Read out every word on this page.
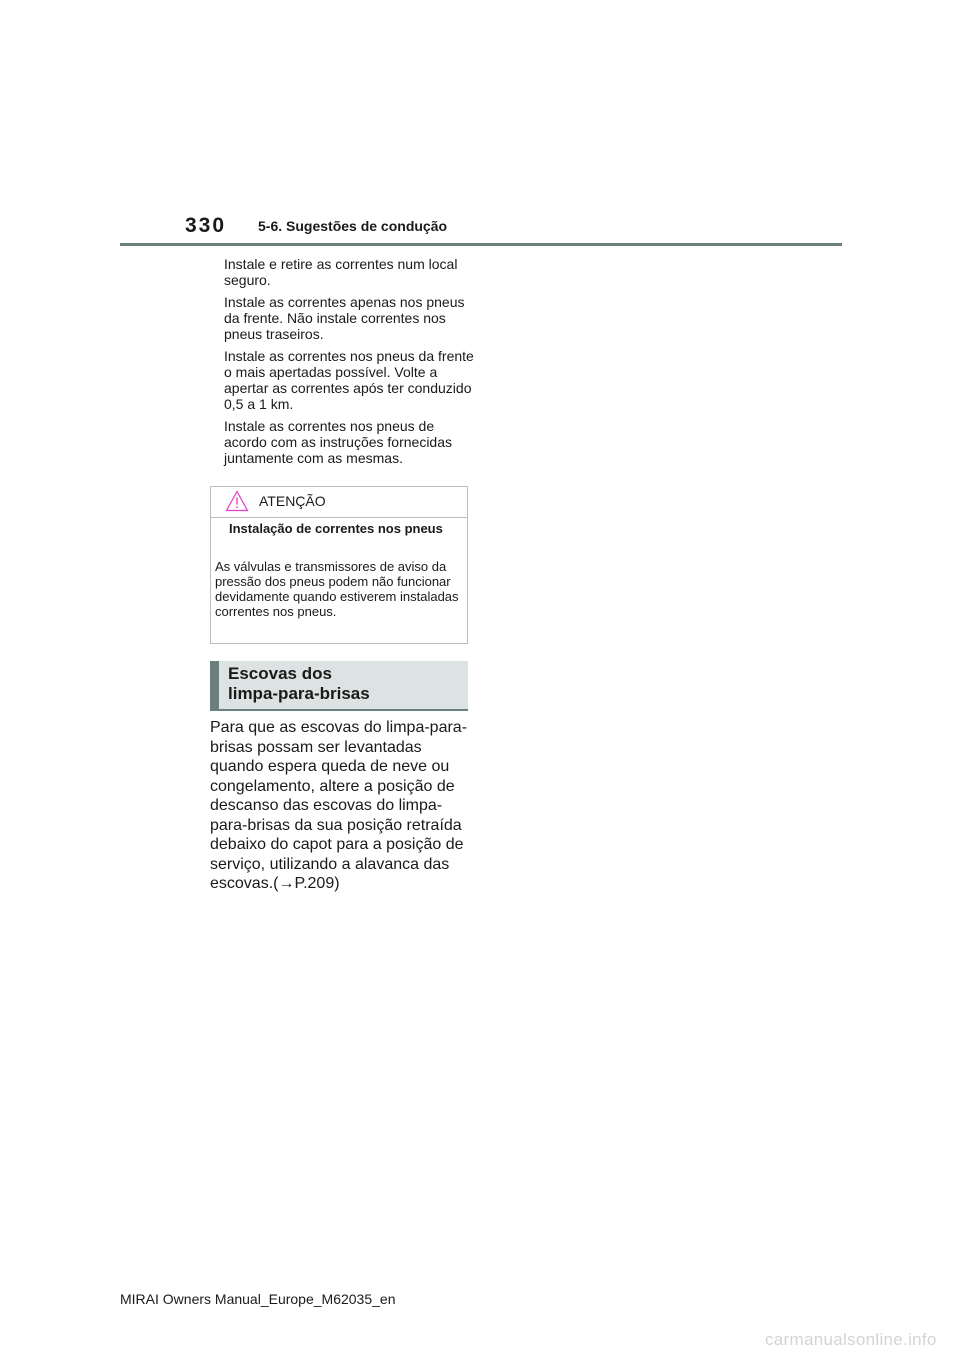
330 5-6. Sugestões de condução
Instale e retire as correntes num local seguro.
Instale as correntes apenas nos pneus da frente. Não instale correntes nos pneus traseiros.
Instale as correntes nos pneus da frente o mais apertadas possível. Volte a apertar as correntes após ter conduzido 0,5 a 1 km.
Instale as correntes nos pneus de acordo com as instruções fornecidas juntamente com as mesmas.
ATENÇÃO
Instalação de correntes nos pneus
As válvulas e transmissores de aviso da pressão dos pneus podem não funcionar devidamente quando estiverem instaladas correntes nos pneus.
Escovas dos
limpa-para-brisas

Para que as escovas do limpa-para-brisas possam ser levantadas quando espera queda de neve ou congelamento, altere a posição de descanso das escovas do limpa-para-brisas da sua posição retraída debaixo do capot para a posição de serviço, utilizando a alavanca das escovas.(→P.209)

MIRAI Owners Manual_Europe_M62035_en
carmanualsonline.info
